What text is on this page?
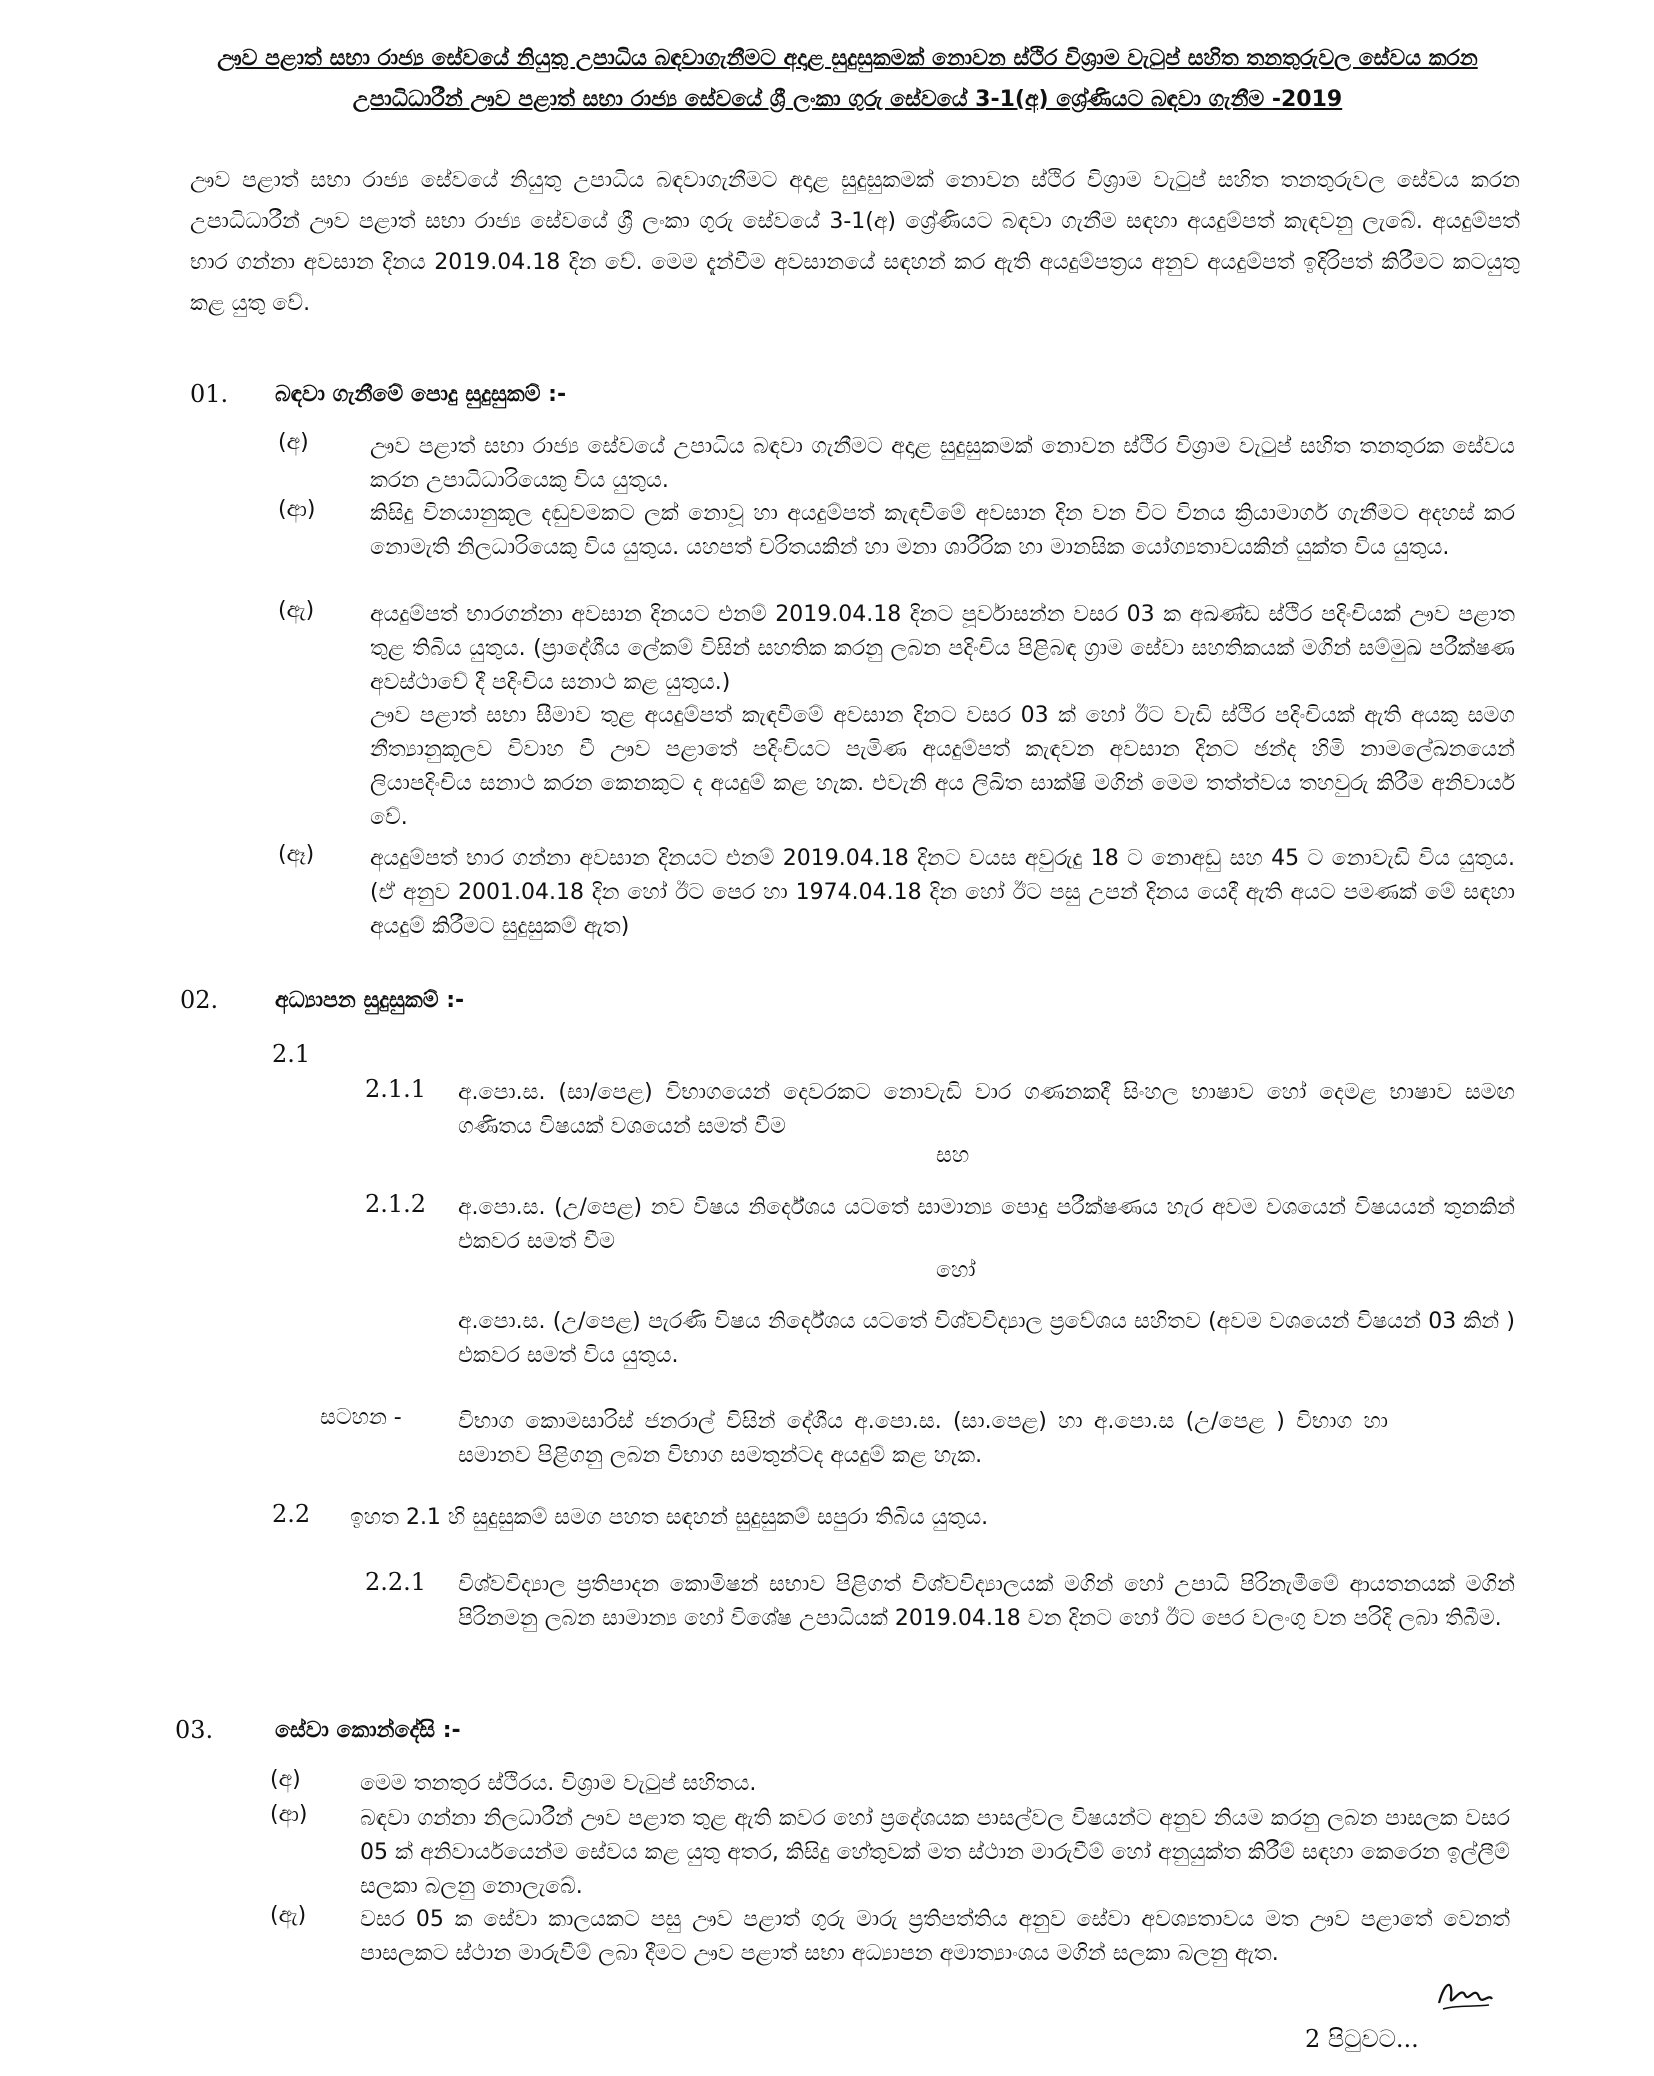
ඌව පළාත් සභා රාජ්‍ය සේවයේ නියුතු උපාධිය බඳවාගැනීමට අදාළ සුදුසුකමක් නොවන ස්ථිර විශ්‍රාම වැටුප් සහිත තනතුරුවල සේවය කරන උපාධිධාරීන් ඌව පළාත් සභා රාජ්‍ය සේවයේ ශ්‍රී ලංකා ගුරු සේවයේ 3-1(අ) ශ්‍රේණියට බඳවා ගැනීම -2019
ඌව පළාත් සභා රාජ්‍ය සේවයේ නියුතු උපාධිය බඳවාගැනීමට අදාළ සුදුසුකමක් නොවන ස්ථිර විශ්‍රාම වැටුප් සහිත තනතුරුවල සේවය කරන උපාධිධාරීන් ඌව පළාත් සභා රාජ්‍ය සේවයේ ශ්‍රී ලංකා ගුරු සේවයේ 3-1(අ) ශ්‍රේණියට බඳවා ගැනීම සඳහා අයදුම්පත් කැඳවනු ලැබේ. අයදුම්පත් භාර ගන්නා අවසාන දිනය 2019.04.18 දින වේ. මෙම දැන්වීම අවසානයේ සඳහන් කර ඇති අයදුම්පත්‍රය අනුව අයදුම්පත් ඉදිරිපත් කිරීමට කටයුතු කළ යුතු වේ.
01. බඳවා ගැනීමේ පොදු සුදුසුකම් :-
(අ)	ඌව පළාත් සභා රාජ්‍ය සේවයේ උපාධිය බඳවා ගැනීමට අදාළ සුදුසුකමක් නොවන ස්ථිර විශ්‍රාම වැටුප් සහිත තනතුරක සේවය කරන උපාධිධාරියෙකු විය යුතුය.
(ආ) කිසිදු විනයානුකූල දඬුවමකට ලක් නොවූ හා අයදුම්පත් කැඳවීමේ අවසාන දින වන විට විනය ක්‍රියාමාර්ග ගැනීමට අදහස් කර නොමැති නිලධාරියෙකු විය යුතුය. යහපත් චරිතයකින් හා මනා ශාරීරික හා මානසික යෝග්‍යතාවයකින් යුක්ත විය යුතුය.
(ඇ)	අයදුම්පත් භාරගන්නා අවසාන දිනයට එනම් 2019.04.18 දිනට පූර්වාසන්න වසර 03 ක අඛණ්ඩ ස්ථිර පදිංචියක් ඌව පළාත තුළ තිබිය යුතුය. (ප්‍රාදේශීය ලේකම් විසින් සහතික කරනු ලබන පදිංචිය පිළිබඳ ග්‍රාම සේවා සහතිකයක් මගින් සම්මුඛ පරීක්ෂණ අවස්ථාවේ දී පදිංචිය සනාථ කළ යුතුය.)
ඌව පළාත් සභා සීමාව තුළ අයදුම්පත් කැඳවීමේ අවසාන දිනට වසර 03 ක් හෝ ඊට වැඩි ස්ථිර පදිංචියක් ඇති අයකු සමග නීත්‍යානුකූලව විවාහ වී ඌව පළාතේ පදිංචියට පැමිණ අයදුම්පත් කැඳවන අවසාන දිනට ඡන්ද හිමි නාමලේඛනයෙන් ලියාපදිංචිය සනාථ කරන කෙනකුට ද අයදුම් කළ හැක. එවැනි අය ලිඛිත සාක්ෂි මගින් මෙම තත්ත්වය තහවුරු කිරීම අනිවාර්ය වේ.
(ඈ)	අයදුම්පත් භාර ගන්නා අවසාන දිනයට එනම් 2019.04.18 දිනට වයස අවුරුදු 18 ට නොඅඩු සහ 45 ට නොවැඩි විය යුතුය. (ඒ අනුව 2001.04.18 දින හෝ ඊට පෙර හා 1974.04.18 දින හෝ ඊට පසු උපන් දිනය යෙදී ඇති අයට පමණක් මේ සඳහා අයදුම් කිරීමට සුදුසුකම් ඇත)
02.	අධ්‍යාපන සුදුසුකම් :-
2.1
2.1.1 අ.පො.ස. (සා/පෙළ) විභාගයෙන් දෙවරකට නොවැඩි වාර ගණනකදී සිංහල භාෂාව හෝ දෙමළ භාෂාව සමඟ ගණිතය විෂයක් වශයෙන් සමත් වීම
සහ
2.1.2 අ.පො.ස. (උ/පෙළ) නව විෂය නිර්දේශය යටතේ සාමාන්‍ය පොදු පරීක්ෂණය හැර අවම වශයෙන් විෂයයන් තුනකින් එකවර සමත් වීම
හෝ
අ.පො.ස. (උ/පෙළ) පැරණි විෂය නිර්දේශය යටතේ විශ්වවිද්‍යාල ප්‍රවේශය සහිතව (අවම වශයෙන් විෂයන් 03 කින් ) එකවර සමත් විය යුතුය.
සටහන -	විභාග කොමසාරිස් ජනරාල් විසින් දේශීය අ.පො.ස. (සා.පෙළ) හා අ.පො.ස (උ/පෙළ ) විභාග හා සමානව පිළිගනු ලබන විභාග සමතුන්ටද අයදුම් කළ හැක.
2.2 ඉහත 2.1 හි සුදුසුකම් සමග පහත සඳහන් සුදුසුකම් සපුරා තිබිය යුතුය.
2.2.1 විශ්වවිද්‍යාල ප්‍රතිපාදන කොමිෂන් සභාව පිළිගත් විශ්වවිද්‍යාලයක් මගින් හෝ උපාධි පිරිනැමීමේ ආයතනයක් මගින් පිරිනමනු ලබන සාමාන්‍ය හෝ විශේෂ උපාධියක් 2019.04.18 වන දිනට හෝ ඊට පෙර වලංගු වන පරිදි ලබා තිබීම.
03.	සේවා කොන්දේසි :-
(අ)	මෙම තනතුර ස්ථිරය. විශ්‍රාම වැටුප් සහිතය.
(ආ) බඳවා ගන්නා නිලධාරීන් ඌව පළාත තුළ ඇති කවර හෝ ප්‍රදේශයක පාසල්වල විෂයන්ට අනුව නියම කරනු ලබන පාසලක වසර 05 ක් අනිවාර්යයෙන්ම සේවය කළ යුතු අතර, කිසිදු හේතුවක් මත ස්ථාන මාරුවීම් හෝ අනුයුක්ත කිරීම් සඳහා කෙරෙන ඉල්ලීම් සලකා බලනු නොලැබේ.
(ඇ) වසර 05 ක සේවා කාලයකට පසු ඌව පළාත් ගුරු මාරු ප්‍රතිපත්තිය අනුව සේවා අවශ්‍යතාවය මත ඌව පළාතේ වෙනත් පාසලකට ස්ථාන මාරුවීම් ලබා දීමට ඌව පළාත් සභා අධ්‍යාපන අමාත්‍යාංශය මගින් සලකා බලනු ඇත.
2 පිටුවට...
